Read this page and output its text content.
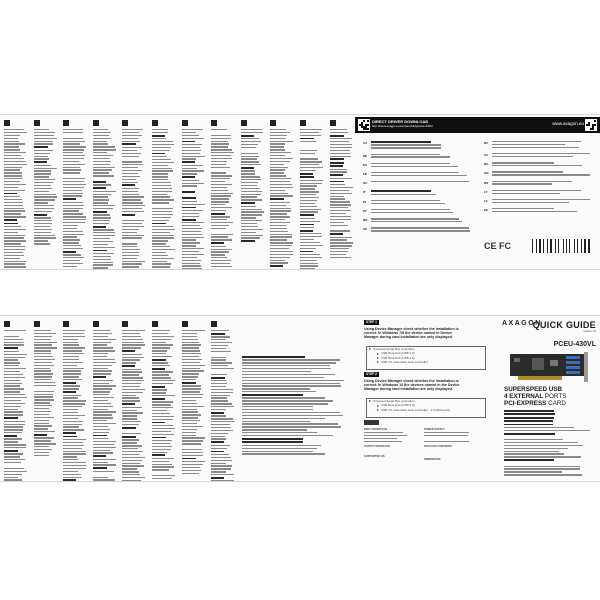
DIRECT DRIVER DOWNLOAD
http://www.axagon.eu/en/produkty/pcee-430vl	www.axagon.eu
CZ
DE
ES
FR
HU
IT
PL
PT
RO
SK
RU
UA
BG
GR
RS
LT
LV
EE
CE FC
STEP 1
Using Device Manager check whether the installation is correct. In Windows 7/8 the device named in Device Manager during card installation are only displayed.
Universal Serial Bus controllers
USB Root Hub (USB 3.0)
USB Root Hub (USB 3.0)
USB 3.0 eXtensible Host Controller
STEP 2
Using Device Manager check whether the installation is correct. In Windows 10 the devices named in the Device Manager during card installation are only displayed.
Universal Serial Bus controllers
USB Root Hub (USB 3.0)
USB 3.0 eXtensible Host Controller - 1.0 (Microsoft)

INPUT INTERFACE
OUTPUT INTERFACE
SUPPORTED OS
POWER SUPPLY
PACKAGE CONTENTS
DIMENSIONS
AXAGON
QUICK GUIDE
version 1.0
PCEU-430VL
SUPERSPEED USB
4 EXTERNAL PORTS
PCI-EXPRESS CARD
